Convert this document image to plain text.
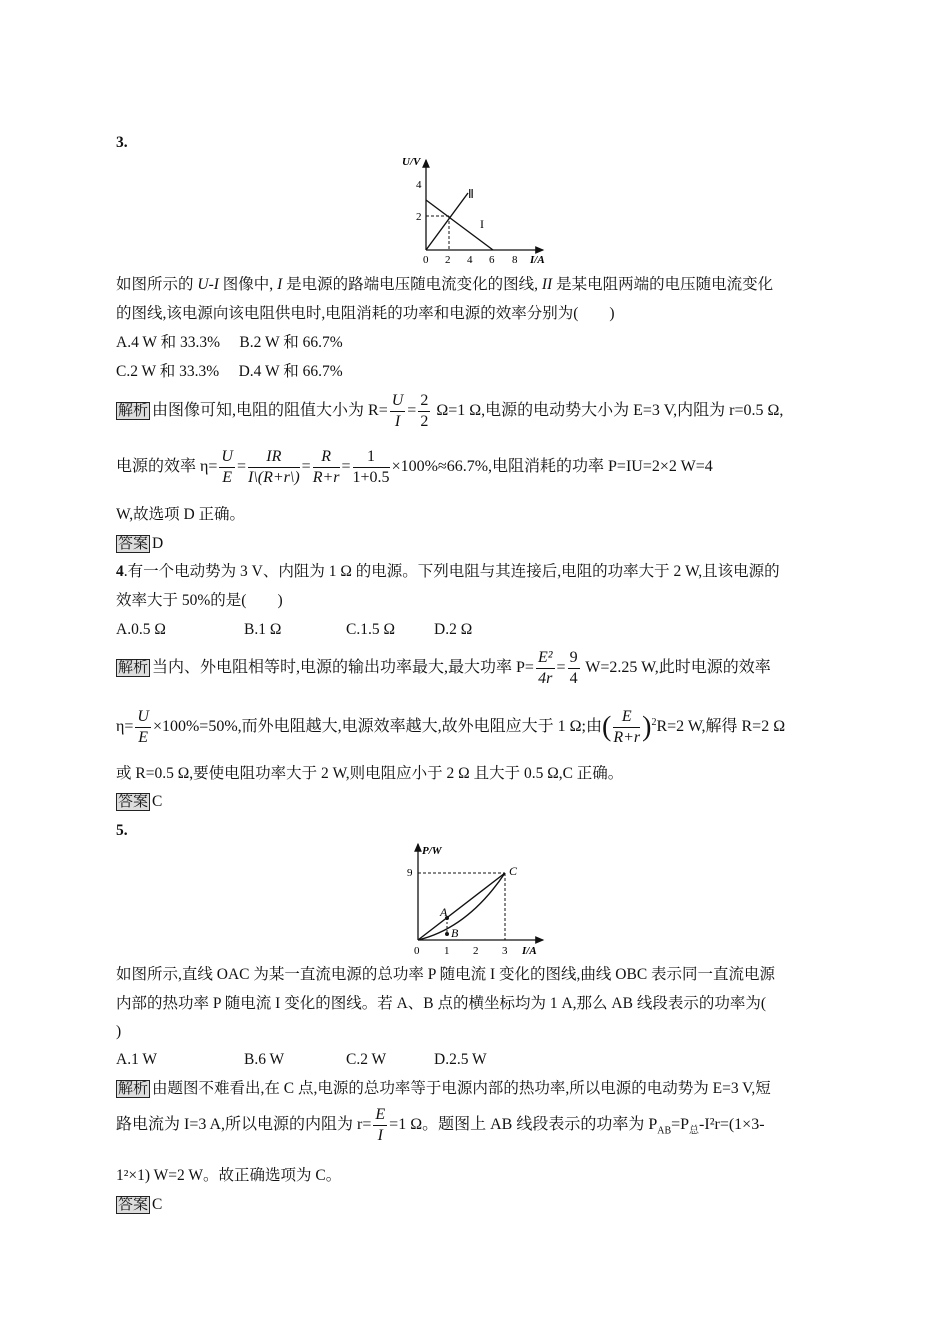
3.
U/V
I/A
4
2
0 2 4 6 8
I
Ⅱ
如图所示的 U-I 图像中, I 是电源的路端电压随电流变化的图线, II 是某电阻两端的电压随电流变化
的图线,该电源向该电阻供电时,电阻消耗的功率和电源的效率分别为(　　)
A.4 W 和 33.3%　 B.2 W 和 66.7%
C.2 W 和 33.3%　 D.4 W 和 66.7%
解析 由图像可知,电阻的阻值大小为 $R= \frac{U}{I} = \frac{2}{2} \Omega=1$ Ω,电源的电动势大小为 E=3 V,内阻为 r=0.5 Ω,
电源的效率 $\eta= \frac{U}{E} = \frac{IR}{I\backslash(R+r\backslash)} = \frac{R}{R+r} = \frac{1}{1+0.5} \times 100\%\approx 66.7\%$,电阻消耗的功率 P=IU=2×2 W=4
W,故选项 D 正确。
答案 D
4.有一个电动势为 3 V、内阻为 1 Ω 的电源。下列电阻与其连接后,电阻的功率大于 2 W,且该电源的
效率大于 50%的是(　　)
A.0.5 Ω	B.1 Ω	C.1.5 Ω	D.2 Ω
解析 当内、外电阻相等时,电源的输出功率最大,最大功率 $P= \frac{\text{E²}}{4r} = \frac{9}{4} W=2.25$ W,此时电源的效率
$\eta= \frac{U}{E} \times 100\%=50\%$,而外电阻越大,电源效率越大,故外电阻应大于 1 Ω;由( $\frac{E}{R+r} )^2R=2$ W,解得 R=2 Ω
或 R=0.5 Ω,要使电阻功率大于 2 W,则电阻应小于 2 Ω 且大于 0.5 Ω,C 正确。
答案 C
5.
P/W
I/A
9
0 1 2 3
A
B
C
如图所示,直线 OAC 为某一直流电源的总功率 P 随电流 I 变化的图线,曲线 OBC 表示同一直流电源
内部的热功率 P 随电流 I 变化的图线。若 A、B 点的横坐标均为 1 A,那么 AB 线段表示的功率为(
)
A.1 W	B.6 W	C.2 W	D.2.5 W
解析 由题图不难看出,在 C 点,电源的总功率等于电源内部的热功率,所以电源的电动势为 E=3 V,短
路电流为 I=3 A,所以电源的内阻为 $r= \frac{E}{I} =1$ Ω。题图上 AB 线段表示的功率为 $P_{AB}=P_总-I^2r=(1\times 3-$
1²×1) W=2 W。故正确选项为 C。
答案 C
